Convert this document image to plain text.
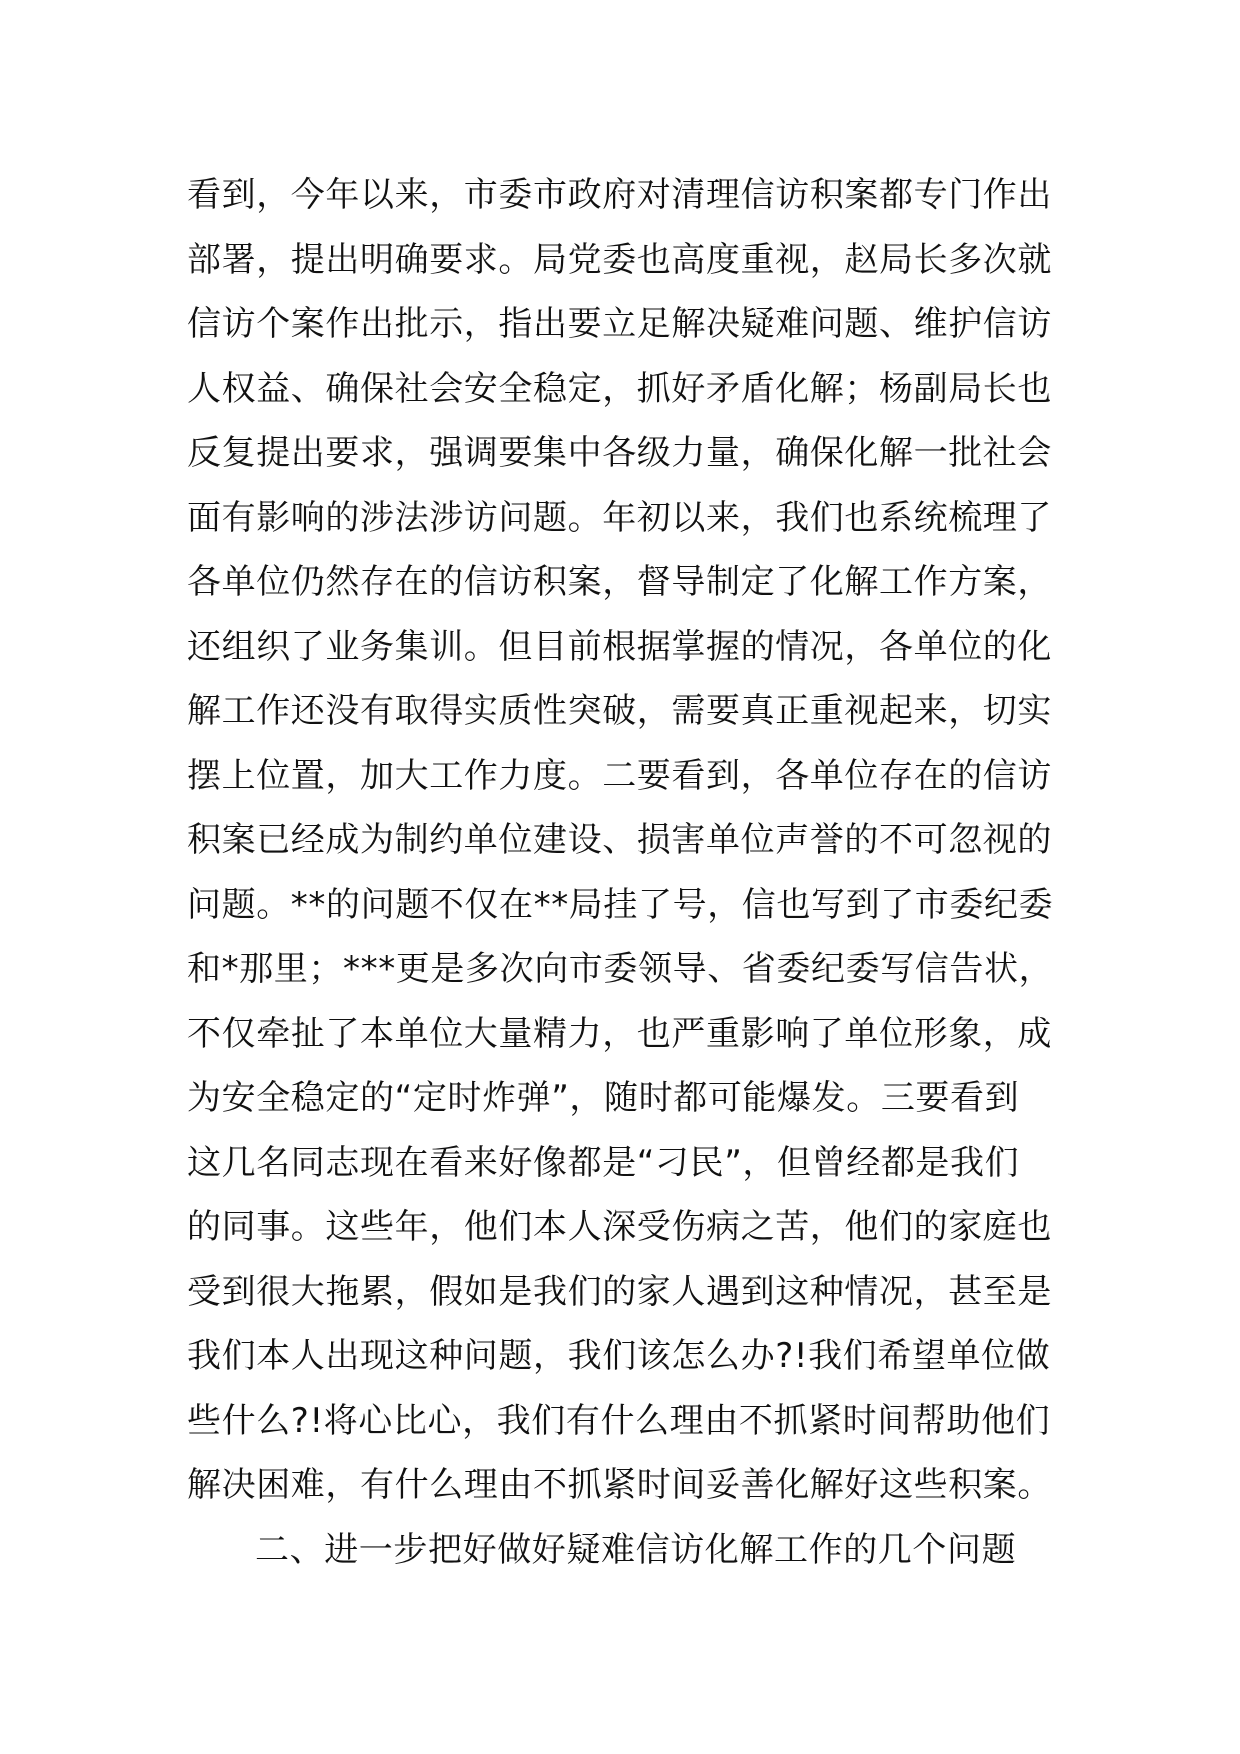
看到，今年以来，市委市政府对清理信访积案都专门作出
部署，提出明确要求。局党委也高度重视，赵局长多次就
信访个案作出批示，指出要立足解决疑难问题、维护信访
人权益、确保社会安全稳定，抓好矛盾化解；杨副局长也
反复提出要求，强调要集中各级力量，确保化解一批社会
面有影响的涉法涉访问题。年初以来，我们也系统梳理了
各单位仍然存在的信访积案，督导制定了化解工作方案，
还组织了业务集训。但目前根据掌握的情况，各单位的化
解工作还没有取得实质性突破，需要真正重视起来，切实
摆上位置，加大工作力度。二要看到，各单位存在的信访
积案已经成为制约单位建设、损害单位声誉的不可忽视的
问题。**的问题不仅在**局挂了号，信也写到了市委纪委
和*那里；***更是多次向市委领导、省委纪委写信告状，
不仅牵扯了本单位大量精力，也严重影响了单位形象，成
为安全稳定的“定时炸弹”，随时都可能爆发。三要看到
这几名同志现在看来好像都是“刁民”，但曾经都是我们
的同事。这些年，他们本人深受伤病之苦，他们的家庭也
受到很大拖累，假如是我们的家人遇到这种情况，甚至是
我们本人出现这种问题，我们该怎么办?!我们希望单位做
些什么?!将心比心，我们有什么理由不抓紧时间帮助他们
解决困难，有什么理由不抓紧时间妥善化解好这些积案。
二、进一步把好做好疑难信访化解工作的几个问题
